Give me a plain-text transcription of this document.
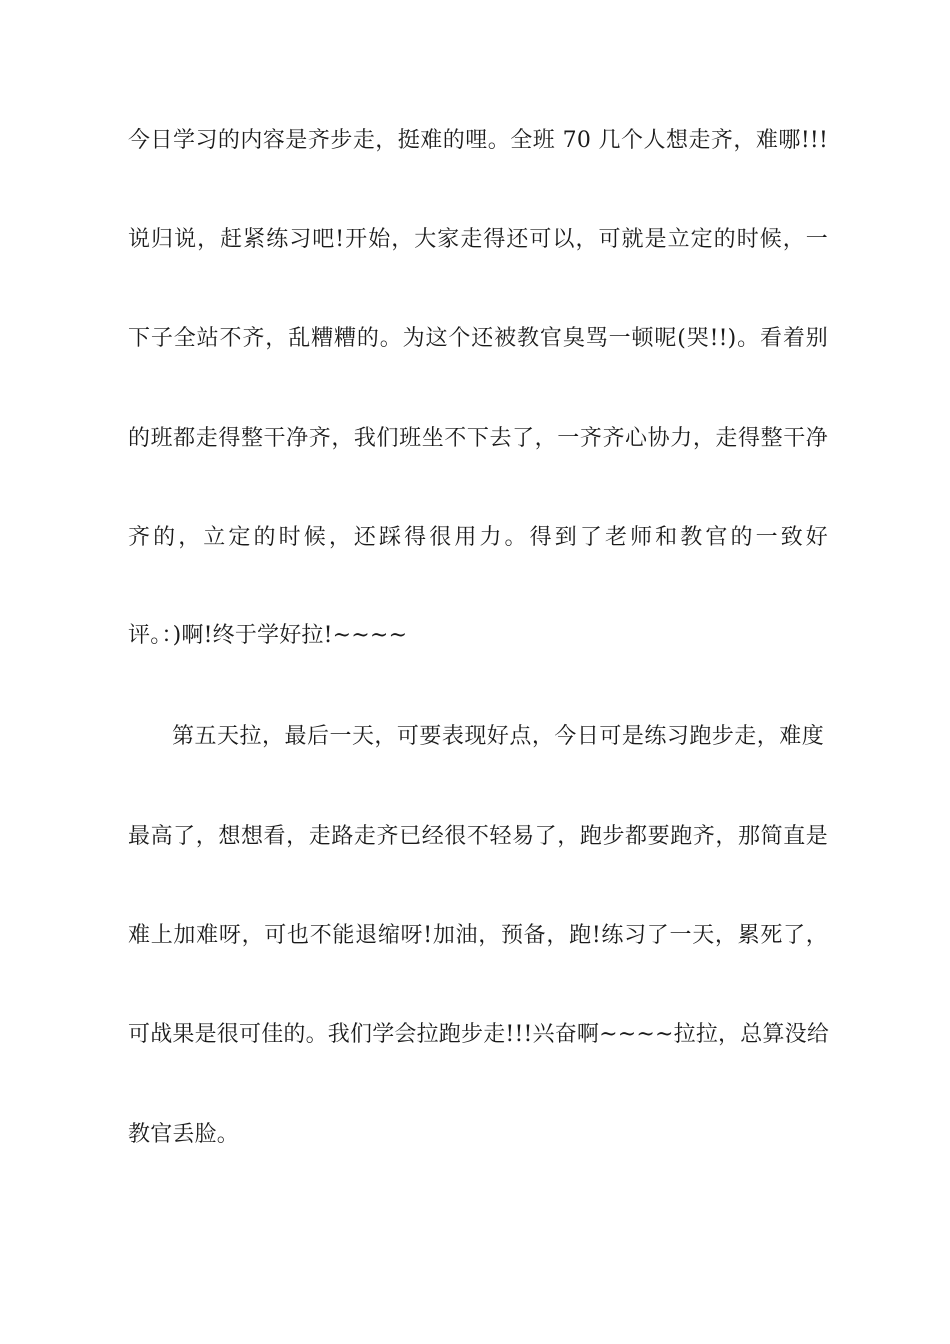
今日学习的内容是齐步走，挺难的哩。全班 70 几个人想走齐，难哪!!!
说归说，赶紧练习吧!开始，大家走得还可以，可就是立定的时候，一
下子全站不齐，乱糟糟的。为这个还被教官臭骂一顿呢(哭!!)。看着别
的班都走得整干净齐，我们班坐不下去了，一齐齐心协力，走得整干净
齐的，立定的时候，还踩得很用力。得到了老师和教官的一致好
评。：)啊!终于学好拉!~~~~
第五天拉，最后一天，可要表现好点，今日可是练习跑步走，难度
最高了，想想看，走路走齐已经很不轻易了，跑步都要跑齐，那简直是
难上加难呀，可也不能退缩呀!加油，预备，跑!练习了一天，累死了，
可战果是很可佳的。我们学会拉跑步走!!!兴奋啊~~~~拉拉，总算没给
教官丢脸。
